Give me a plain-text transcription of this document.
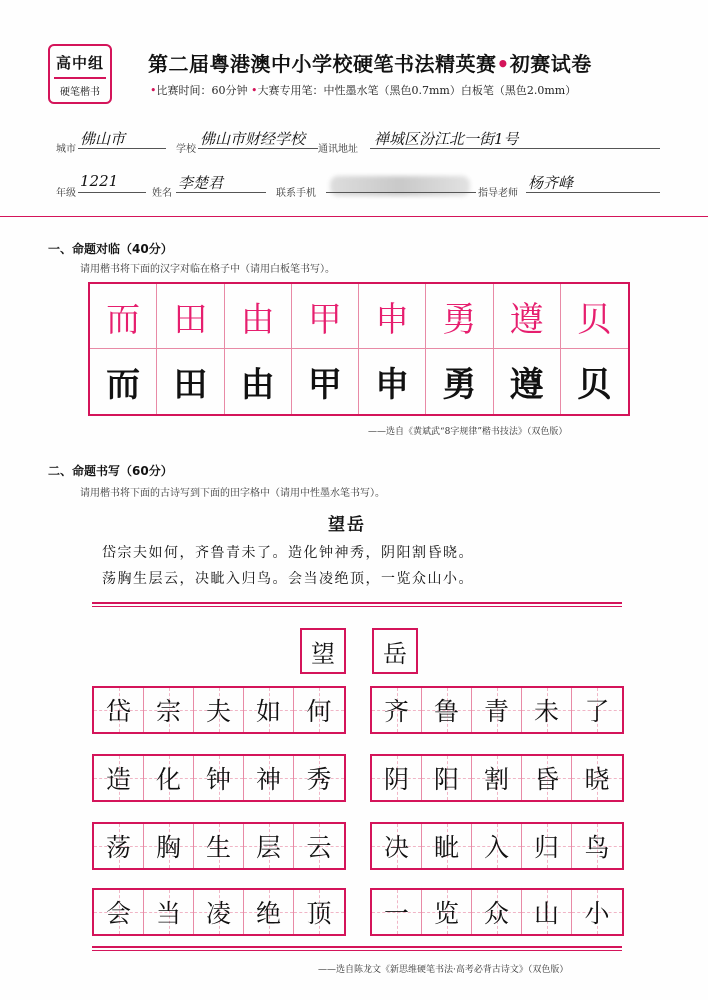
高中组
硬笔楷书
第二届粤港澳中小学校硬笔书法精英赛•初赛试卷
•比赛时间：60分钟 •大赛专用笔：中性墨水笔（黑色0.7mm）白板笔（黑色2.0mm）
城市
佛山市
学校
佛山市财经学校
通讯地址
禅城区汾江北一街1号
年级
1221
姓名
李楚君
联系手机	指导老师
杨齐峰
一、命题对临（40分）
请用楷书将下面的汉字对临在格子中（请用白板笔书写）。
而 田 由 甲 申 勇 遵 贝
而 田 由 甲 申 勇 遵 贝
——选自《黄斌武“8字规律”楷书技法》（双色版）
二、命题书写（60分）
请用楷书将下面的古诗写到下面的田字格中（请用中性墨水笔书写）。
望岳
岱宗夫如何，齐鲁青未了。造化钟神秀，阴阳割昏晓。
荡胸生层云，决眦入归鸟。会当凌绝顶，一览众山小。
望 岳
岱 宗 夫 如 何 齐 鲁 青 未 了
造 化 钟 神 秀 阴 阳 割 昏 晓
荡 胸 生 层 云 决 眦 入 归 鸟
会 当 凌 绝 顶 一 览 众 山 小
——选自陈龙文《新思维硬笔书法·高考必背古诗文》（双色版）
